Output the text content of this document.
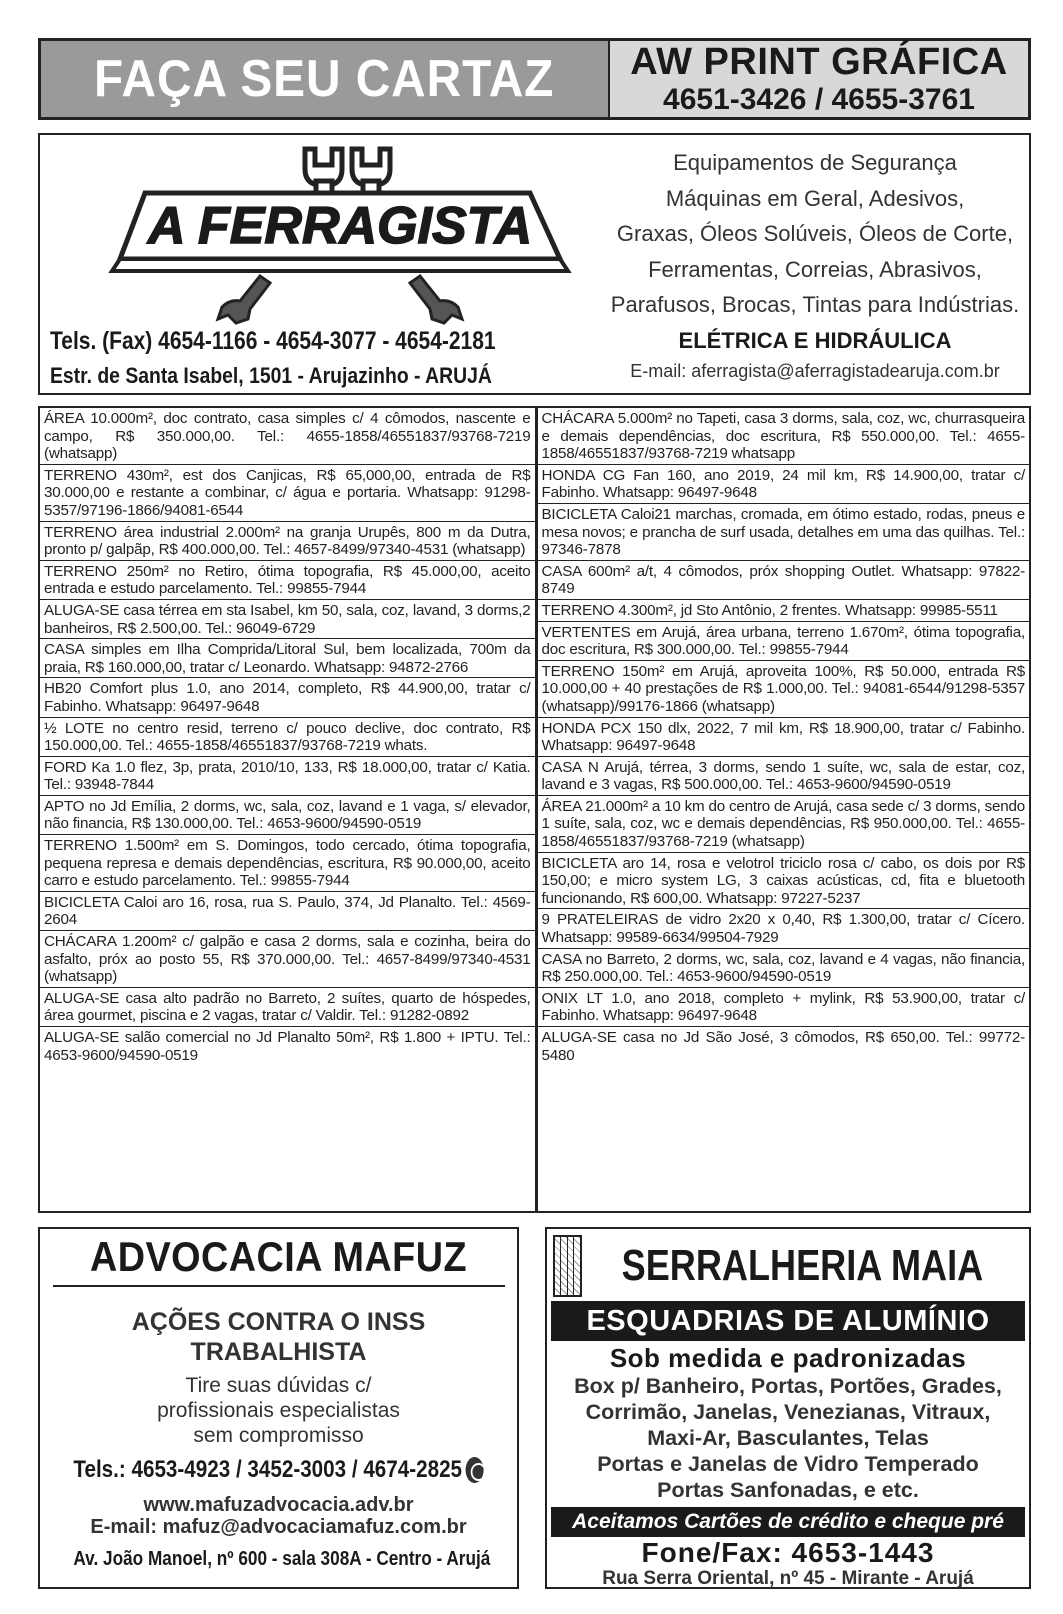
FAÇA SEU CARTAZ AW PRINT GRÁFICA
4651-3426 / 4655-3761
A FERRAGISTA
Tels. (Fax) 4654-1166 - 4654-3077 - 4654-2181
Estr. de Santa Isabel, 1501 - Arujazinho - ARUJÁ
Equipamentos de Segurança
Máquinas em Geral, Adesivos,
Graxas, Óleos Solúveis, Óleos de Corte,
Ferramentas, Correias, Abrasivos,
Parafusos, Brocas, Tintas para Indústrias.
ELÉTRICA E HIDRÁULICA
E-mail: aferragista@aferragistadearuja.com.br
ÁREA 10.000m², doc contrato, casa simples c/ 4 cômodos, nascente e campo, R$ 350.000,00. Tel.: 4655-1858/46551837/93768-7219 (whatsapp)
TERRENO 430m², est dos Canjicas, R$ 65,000,00, entrada de R$ 30.000,00 e restante a combinar, c/ água e portaria. Whatsapp: 91298-5357/97196-1866/94081-6544
TERRENO área industrial 2.000m² na granja Urupês, 800 m da Dutra, pronto p/ galpãp, R$ 400.000,00. Tel.: 4657-8499/97340-4531 (whatsapp)
TERRENO 250m² no Retiro, ótima topografia, R$ 45.000,00, aceito entrada e estudo parcelamento. Tel.: 99855-7944
ALUGA-SE casa térrea em sta Isabel, km 50, sala, coz, lavand, 3 dorms,2 banheiros, R$ 2.500,00. Tel.: 96049-6729
CASA simples em Ilha Comprida/Litoral Sul, bem localizada, 700m da praia, R$ 160.000,00, tratar c/ Leonardo. Whatsapp: 94872-2766
HB20 Comfort plus 1.0, ano 2014, completo, R$ 44.900,00, tratar c/ Fabinho. Whatsapp: 96497-9648
½ LOTE no centro resid, terreno c/ pouco declive, doc contrato, R$ 150.000,00. Tel.: 4655-1858/46551837/93768-7219 whats.
FORD Ka 1.0 flez, 3p, prata, 2010/10, 133, R$ 18.000,00, tratar c/ Katia. Tel.: 93948-7844
APTO no Jd Emília, 2 dorms, wc, sala, coz, lavand e 1 vaga, s/ elevador, não financia, R$ 130.000,00. Tel.: 4653-9600/94590-0519
TERRENO 1.500m² em S. Domingos, todo cercado, ótima topografia, pequena represa e demais dependências, escritura, R$ 90.000,00, aceito carro e estudo parcelamento. Tel.: 99855-7944
BICICLETA Caloi aro 16, rosa, rua S. Paulo, 374, Jd Planalto. Tel.: 4569-2604
CHÁCARA 1.200m² c/ galpão e casa 2 dorms, sala e cozinha, beira do asfalto, próx ao posto 55, R$ 370.000,00. Tel.: 4657-8499/97340-4531 (whatsapp)
ALUGA-SE casa alto padrão no Barreto, 2 suítes, quarto de hóspedes, área gourmet, piscina e 2 vagas, tratar c/ Valdir. Tel.: 91282-0892
ALUGA-SE salão comercial no Jd Planalto 50m², R$ 1.800 + IPTU. Tel.: 4653-9600/94590-0519
CHÁCARA 5.000m² no Tapeti, casa 3 dorms, sala, coz, wc, churrasqueira e demais dependências, doc escritura, R$ 550.000,00. Tel.: 4655-1858/46551837/93768-7219 whatsapp
HONDA CG Fan 160, ano 2019, 24 mil km, R$ 14.900,00, tratar c/ Fabinho. Whatsapp: 96497-9648
BICICLETA Caloi21 marchas, cromada, em ótimo estado, rodas, pneus e mesa novos; e prancha de surf usada, detalhes em uma das quilhas. Tel.: 97346-7878
CASA 600m² a/t, 4 cômodos, próx shopping Outlet. Whatsapp: 97822-8749
TERRENO 4.300m², jd Sto Antônio, 2 frentes. Whatsapp: 99985-5511
VERTENTES em Arujá, área urbana, terreno 1.670m², ótima topografia, doc escritura, R$ 300.000,00. Tel.: 99855-7944
TERRENO 150m² em Arujá, aproveita 100%, R$ 50.000, entrada R$ 10.000,00 + 40 prestações de R$ 1.000,00. Tel.: 94081-6544/91298-5357 (whatsapp)/99176-1866 (whatsapp)
HONDA PCX 150 dlx, 2022, 7 mil km, R$ 18.900,00, tratar c/ Fabinho. Whatsapp: 96497-9648
CASA N Arujá, térrea, 3 dorms, sendo 1 suíte, wc, sala de estar, coz, lavand e 3 vagas, R$ 500.000,00. Tel.: 4653-9600/94590-0519
ÁREA 21.000m² a 10 km do centro de Arujá, casa sede c/ 3 dorms, sendo 1 suíte, sala, coz, wc e demais dependências, R$ 950.000,00. Tel.: 4655-1858/46551837/93768-7219 (whatsapp)
BICICLETA aro 14, rosa e velotrol triciclo rosa c/ cabo, os dois por R$ 150,00; e micro system LG, 3 caixas acústicas, cd, fita e bluetooth funcionando, R$ 600,00. Whatsapp: 97227-5237
9 PRATELEIRAS de vidro 2x20 x 0,40, R$ 1.300,00, tratar c/ Cícero. Whatsapp: 99589-6634/99504-7929
CASA no Barreto, 2 dorms, wc, sala, coz, lavand e 4 vagas, não financia, R$ 250.000,00. Tel.: 4653-9600/94590-0519
ONIX LT 1.0, ano 2018, completo + mylink, R$ 53.900,00, tratar c/ Fabinho. Whatsapp: 96497-9648
ALUGA-SE casa no Jd São José, 3 cômodos, R$ 650,00. Tel.: 99772-5480
ADVOCACIA MAFUZ
AÇÕES CONTRA O INSS
TRABALHISTA
Tire suas dúvidas c/
profissionais especialistas
sem compromisso
Tels.: 4653-4923 / 3452-3003 / 4674-2825
www.mafuzadvocacia.adv.br
E-mail: mafuz@advocaciamafuz.com.br
Av. João Manoel, nº 600 - sala 308A - Centro - Arujá
SERRALHERIA MAIA
ESQUADRIAS DE ALUMÍNIO
Sob medida e padronizadas
Box p/ Banheiro, Portas, Portões, Grades,
Corrimão, Janelas, Venezianas, Vitraux,
Maxi-Ar, Basculantes, Telas
Portas e Janelas de Vidro Temperado
Portas Sanfonadas, e etc.
Aceitamos Cartões de crédito e cheque pré
Fone/Fax: 4653-1443
Rua Serra Oriental, nº 45 - Mirante - Arujá
